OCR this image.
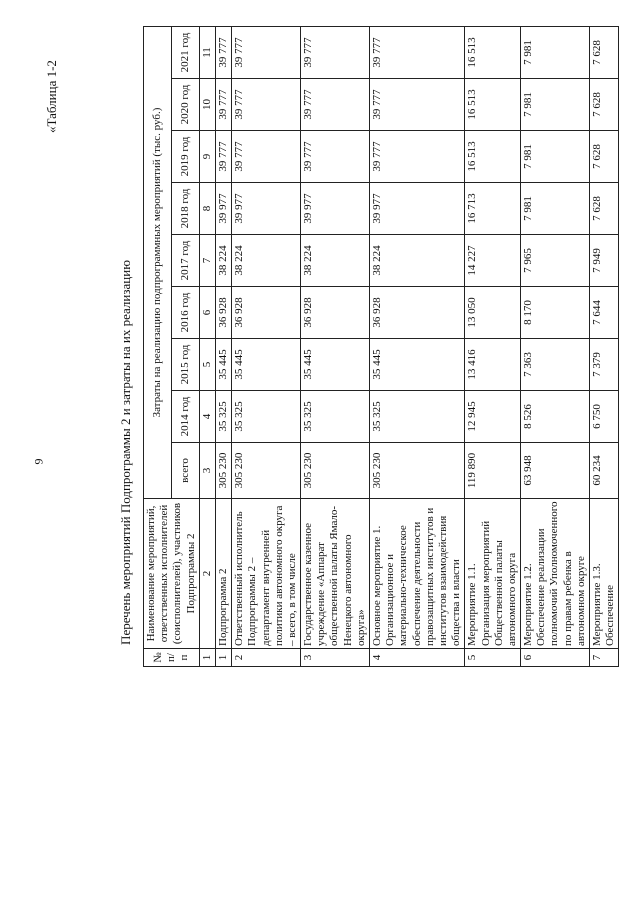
9
«Таблица 1-2
Перечень мероприятий Подпрограммы 2 и затраты на их реализацию
№ п/п	Наименование мероприятий, ответственных исполнителей (соисполнителей), участников Подпрограммы 2	Затраты на реализацию подпрограммных мероприятий (тыс. руб.)								
		всего	2014 год	2015 год	2016 год	2017 год	2018 год	2019 год	2020 год	2021 год
1	2	3	4	5	6	7	8	9	10	11
1	Подпрограмма 2	305 230	35 325	35 445	36 928	38 224	39 977	39 777	39 777	39 777
2	Ответственный исполнитель Подпрограммы 2 – департамент внутренней политики автономного округа – всего, в том числе	305 230	35 325	35 445	36 928	38 224	39 977	39 777	39 777	39 777
3	Государственное казенное учреждение «Аппарат общественной палаты Ямало-Ненецкого автономного округа»	305 230	35 325	35 445	36 928	38 224	39 977	39 777	39 777	39 777
4	Основное мероприятие 1. Организационное и материально-техническое обеспечение деятельности правозащитных институтов и институтов взаимодействия общества и власти	305 230	35 325	35 445	36 928	38 224	39 977	39 777	39 777	39 777
5	Мероприятие 1.1. Организация мероприятий Общественной палаты автономного округа	119 890	12 945	13 416	13 050	14 227	16 713	16 513	16 513	16 513
6	Мероприятие 1.2. Обеспечение реализации полномочий Уполномоченного по правам ребенка в автономном округе	63 948	8 526	7 363	8 170	7 965	7 981	7 981	7 981	7 981
7	Мероприятие 1.3. Обеспечение	60 234	6 750	7 379	7 644	7 949	7 628	7 628	7 628	7 628
